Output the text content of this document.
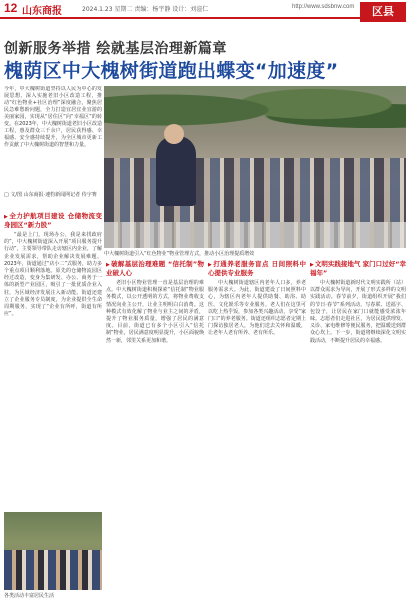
12 山东商报	2024.1.23 星期二 责编：杨宇静 设计：刘渲仁	http://www.sdsbnw.com	区县
创新服务举措 绘就基层治理新篇章
槐荫区中大槐树街道跑出蝶变“加速度”
今年，中大槐树街道坚持以人民为中心的发展思想，深入实施老旧小区改造工程，推动“红色物业+社区治理”深度融合，聚焦居民急难愁盼问题，全力打造宜居宜业宜游的美丽家园，实现从“居住区”向“幸福区”的转变。在2023年，中大槐树街道老旧小区改造工程，惠及群众三千余户，居民获得感、幸福感、安全感持续提升，为全区城市更新工作贡献了中大槐树街道的智慧和力量。
□ 文/图 山东商报·速豹新闻网记者 侍宇赛
中大槐树街道引入“红色物业”物业管理方式，推动小区治理提质增效
▶全力护航项目建设 仓储物流变身园区“新力股”

“最是上门，现场办公，我是来找政府的”，中大槐树街道深入开展“项目服务提升行动”，主要领导带队走访辖区内企业，了解企业发展需求，帮助企业解决发展难题。2023年，街道通过“店小二”式服务，助力多个重点项目顺利落地。原先的仓储物流园区经过改造，变身为集研发、办公、商务于一体的新型产业园区，吸引了一批优质企业入驻，为区域经济发展注入新动能。街道还建立了企业服务专员制度，为企业提供全生命周期服务，实现了“企业有所呼，街道有所应”。

▶破解基层治理难题 “信托制”物业破人心

老旧小区物业管理一直是基层治理的难点。中大槐树街道积极探索“信托制”物业服务模式，以公开透明的方式，将物业费收支情况向业主公开，让业主明明白白消费。这种模式有效化解了物业与业主之间的矛盾，提升了物业服务质量，增强了居民的满意度。目前，街道已有多个小区引入“信托制”物业，居民满意度明显提升，小区面貌焕然一新，邻里关系更加和谐。

▶打通养老服务盲点 日间照料中心提供专业服务

中大槐树街道辖区内老年人口多，养老服务需求大。为此，街道建设了日间照料中心，为辖区内老年人提供助餐、助浴、助医、文化娱乐等专业服务。老人们在这里可以吃上热乎饭，参加各类兴趣活动，享受“家门口”的养老服务。街道还组织志愿者定期上门探访独居老人，为他们送去关怀和温暖，让老年人老有所养、老有所乐。

▶文明实践接地气 家门口过好“幸福年”

中大槐树街道新时代文明实践所（站）以群众需求为导向，开展了形式多样的文明实践活动。春节前夕，街道组织开展“我们的节日·春节”系列活动，写春联、送福字、包饺子，让居民在家门口就能感受浓浓年味。志愿者们走进社区，为居民提供理发、义诊、家电维修等便民服务，把温暖送到群众心坎上。下一步，街道将继续深化文明实践活动，不断提升居民的幸福感。

各类活动丰富居民生活
